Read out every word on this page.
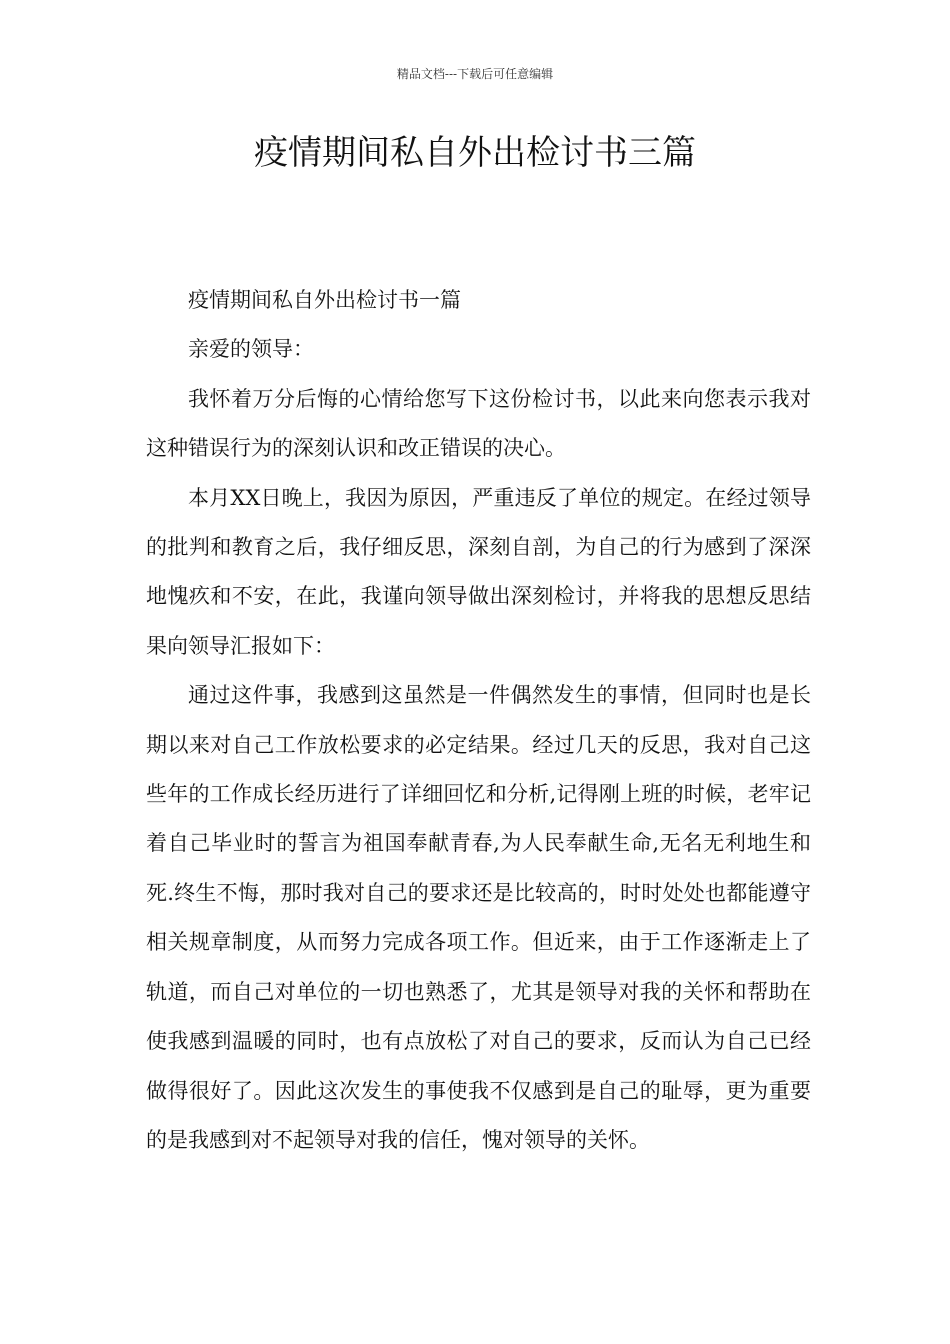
精品文档---下载后可任意编辑
疫情期间私自外出检讨书三篇

疫情期间私自外出检讨书一篇

亲爱的领导：

我怀着万分后悔的心情给您写下这份检讨书，以此来向您表示我对这种错误行为的深刻认识和改正错误的决心。

本月XX日晚上，我因为原因，严重违反了单位的规定。在经过领导的批判和教育之后，我仔细反思，深刻自剖，为自己的行为感到了深深地愧疚和不安，在此，我谨向领导做出深刻检讨，并将我的思想反思结果向领导汇报如下：

通过这件事，我感到这虽然是一件偶然发生的事情，但同时也是长期以来对自己工作放松要求的必定结果。经过几天的反思，我对自己这些年的工作成长经历进行了详细回忆和分析,记得刚上班的时候，老牢记着自己毕业时的誓言为祖国奉献青春,为人民奉献生命,无名无利地生和死.终生不悔，那时我对自己的要求还是比较高的，时时处处也都能遵守相关规章制度，从而努力完成各项工作。但近来，由于工作逐渐走上了轨道，而自己对单位的一切也熟悉了，尤其是领导对我的关怀和帮助在使我感到温暖的同时，也有点放松了对自己的要求，反而认为自己已经做得很好了。因此这次发生的事使我不仅感到是自己的耻辱，更为重要的是我感到对不起领导对我的信任，愧对领导的关怀。
